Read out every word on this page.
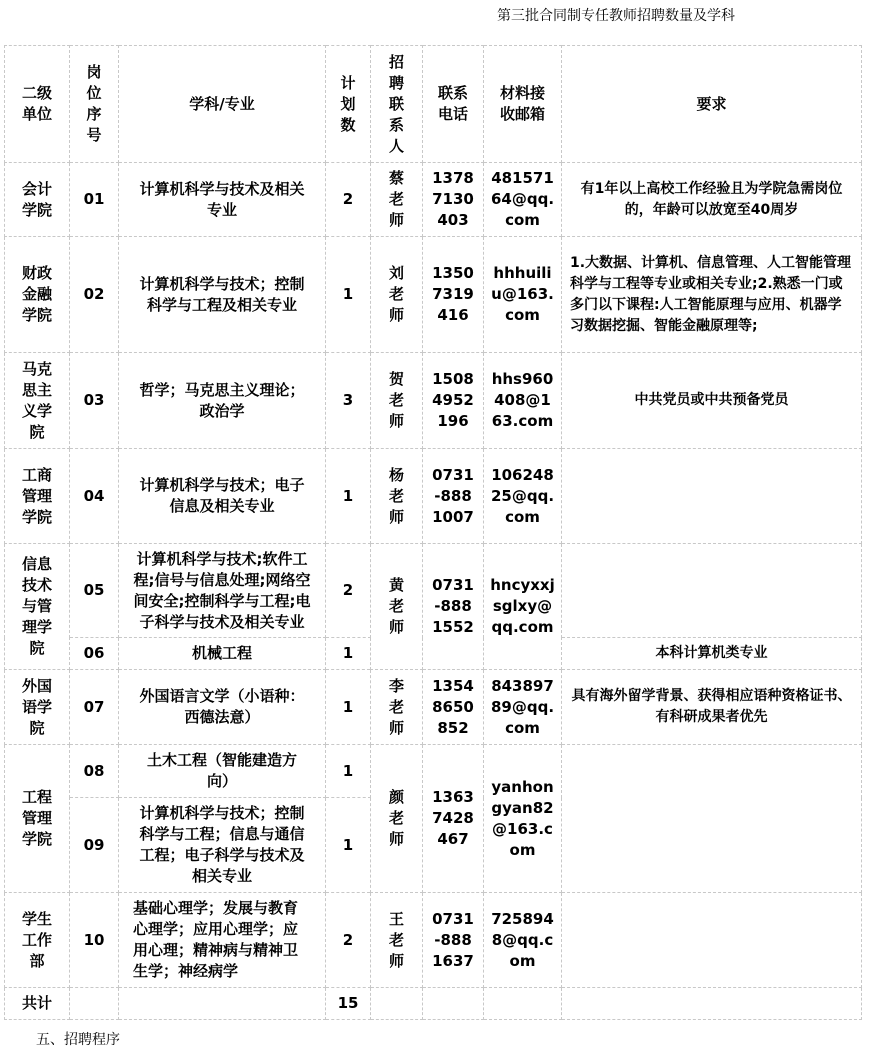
第三批合同制专任教师招聘数量及学科
二级单位	岗位序号	学科/专业	计划数	招聘联系人	联系电话	材料接收邮箱	要求
会计学院	01	计算机科学与技术及相关专业	2	蔡老师	13787130403	48157164@qq.com	有1年以上高校工作经验且为学院急需岗位的，年龄可以放宽至40周岁
财政金融学院	02	计算机科学与技术；控制科学与工程及相关专业	1	刘老师	13507319416	hhhuiliu@163.com	1.大数据、计算机、信息管理、人工智能管理科学与工程等专业或相关专业;2.熟悉一门或多门以下课程:人工智能原理与应用、机器学习数据挖掘、智能金融原理等;
马克思主义学院	03	哲学；马克思主义理论；政治学	3	贺老师	15084952196	hhs960408@163.com	中共党员或中共预备党员
工商管理学院	04	计算机科学与技术；电子信息及相关专业	1	杨老师	0731-8881007	10624825@qq.com	
信息技术与管理学院	05	计算机科学与技术;软件工程;信号与信息处理;网络空间安全;控制科学与工程;电子科学与技术及相关专业	2	黄老师	0731-8881552	hncyxxjsglxy@qq.com	
	06	机械工程	1				本科计算机类专业
外国语学院	07	外国语言文学（小语种：西德法意）	1	李老师	13548650852	84389789@qq.com	具有海外留学背景、获得相应语种资格证书、有科研成果者优先
工程管理学院	08	土木工程（智能建造方向）	1	颜老师	13637428467	yanhongyan82@163.com	
	09	计算机科学与技术；控制科学与工程；信息与通信工程；电子科学与技术及相关专业	1				
学生工作部	10	基础心理学；发展与教育心理学；应用心理学；应用心理；精神病与精神卫生学；神经病学	2	王老师	0731-8881637	7258948@qq.com	
共计			15				
五、招聘程序
